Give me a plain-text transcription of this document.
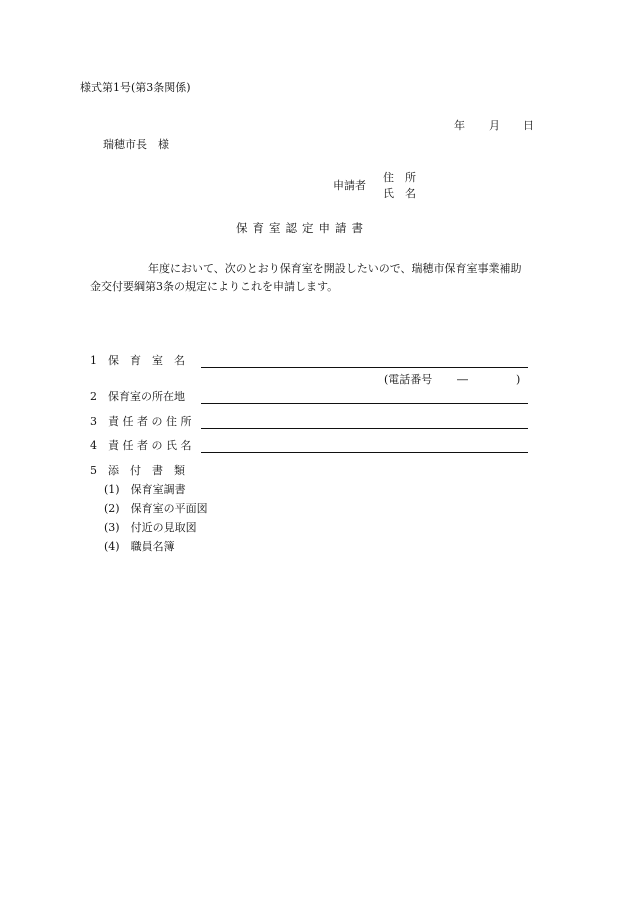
様式第1号(第3条関係)
年 月 日
瑞穂市長　様
申請者
住　所
氏　名
保育室認定申請書
年度において、次のとおり保育室を開設したいので、瑞穂市保育室事業補助
金交付要綱第3条の規定によりこれを申請します。
1　保　育　室　名
(電話番号 ―	)
2　保育室の所在地
3　責 任 者 の 住 所
4　責 任 者 の 氏 名
5　添　付　書　類
(1)　保育室調書
(2)　保育室の平面図
(3)　付近の見取図
(4)　職員名簿
